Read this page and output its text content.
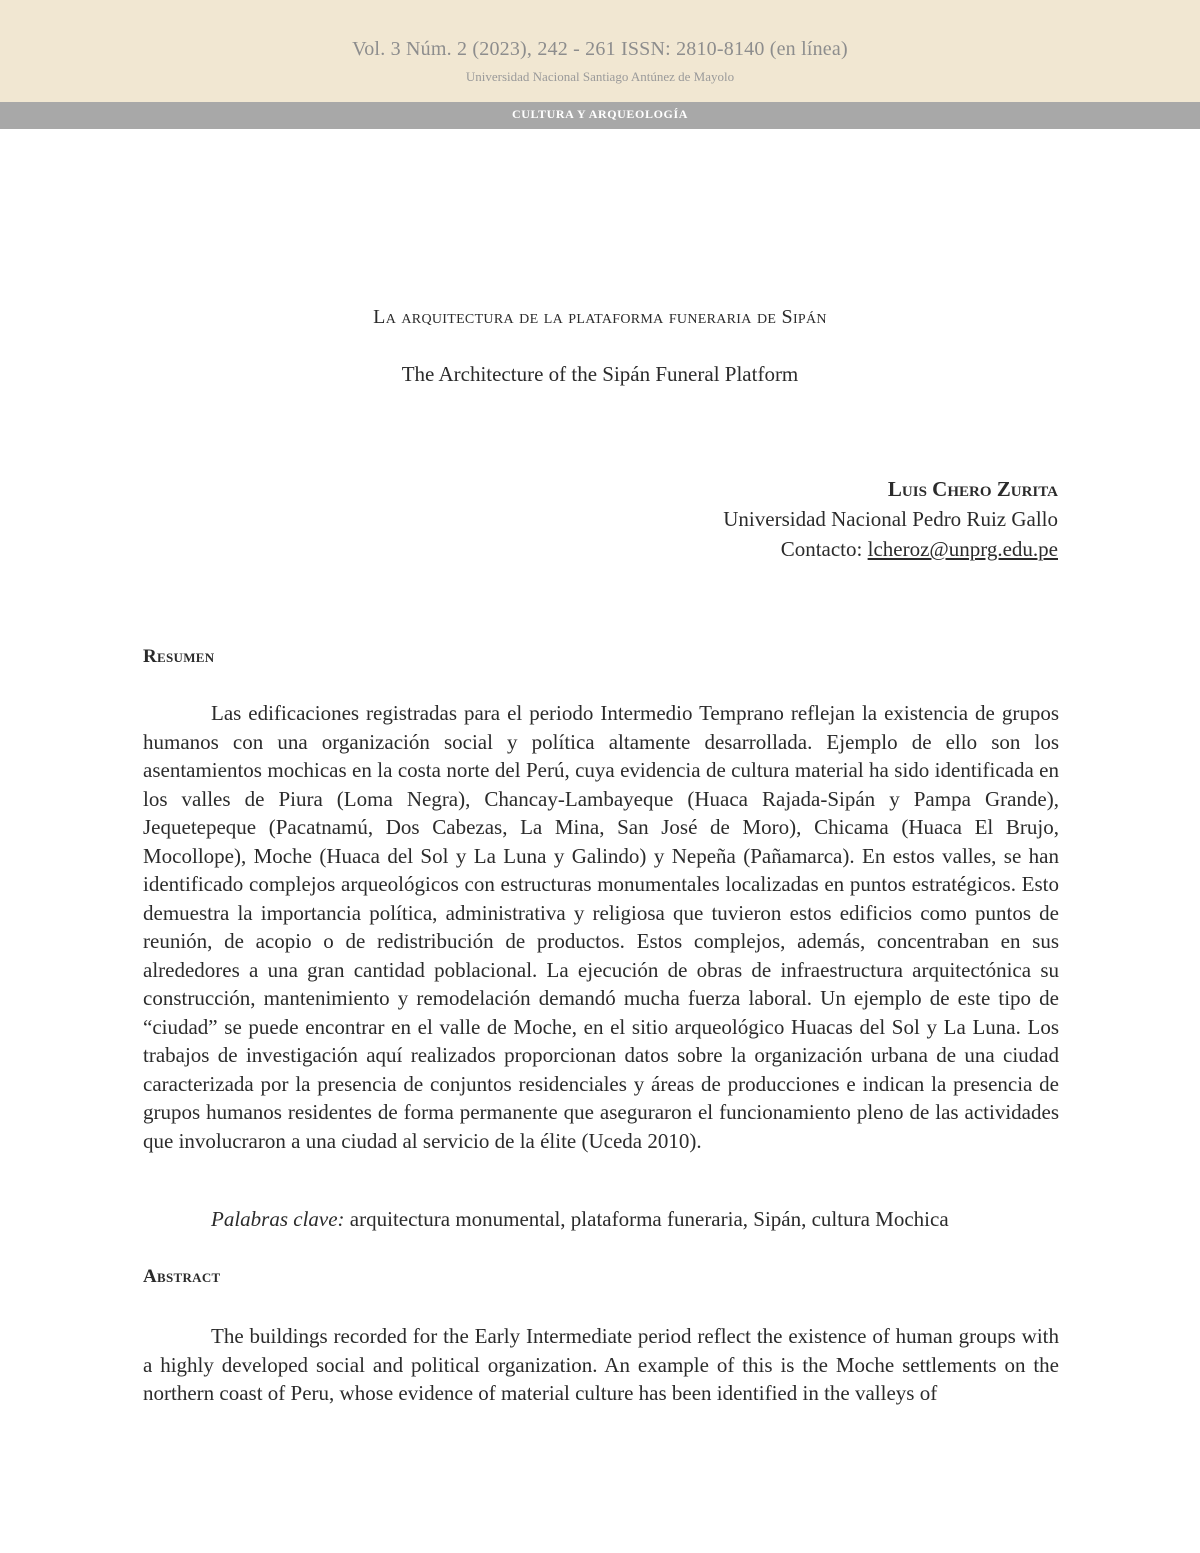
Vol. 3 Núm. 2 (2023), 242 - 261 ISSN: 2810-8140 (en línea)
Universidad Nacional Santiago Antúnez de Mayolo
CULTURA Y ARQUEOLOGÍA
La arquitectura de la plataforma funeraria de Sipán
The Architecture of the Sipán Funeral Platform
Luis Chero Zurita
Universidad Nacional Pedro Ruiz Gallo
Contacto: lcheroz@unprg.edu.pe
Resumen

Las edificaciones registradas para el periodo Intermedio Temprano reflejan la existencia de grupos humanos con una organización social y política altamente desarrollada. Ejemplo de ello son los asentamientos mochicas en la costa norte del Perú, cuya evidencia de cultura material ha sido identificada en los valles de Piura (Loma Negra), Chancay-Lambayeque (Huaca Rajada-Sipán y Pampa Grande), Jequetepeque (Pacatnamú, Dos Cabezas, La Mina, San José de Moro), Chicama (Huaca El Brujo, Mocollope), Moche (Huaca del Sol y La Luna y Galindo) y Nepeña (Pañamarca). En estos valles, se han identificado complejos arqueológicos con estructuras monumentales localizadas en puntos estratégicos. Esto demuestra la importancia política, administrativa y religiosa que tuvieron estos edificios como puntos de reunión, de acopio o de redistribución de productos. Estos complejos, además, concentraban en sus alrededores a una gran cantidad poblacional. La ejecución de obras de infraestructura arquitectónica su construcción, mantenimiento y remodelación demandó mucha fuerza laboral. Un ejemplo de este tipo de “ciudad” se puede encontrar en el valle de Moche, en el sitio arqueológico Huacas del Sol y La Luna. Los trabajos de investigación aquí realizados proporcionan datos sobre la organización urbana de una ciudad caracterizada por la presencia de conjuntos residenciales y áreas de producciones e indican la presencia de grupos humanos residentes de forma permanente que aseguraron el funcionamiento pleno de las actividades que involucraron a una ciudad al servicio de la élite (Uceda 2010).

Palabras clave: arquitectura monumental, plataforma funeraria, Sipán, cultura Mochica
Abstract

The buildings recorded for the Early Intermediate period reflect the existence of human groups with a highly developed social and political organization. An example of this is the Moche settlements on the northern coast of Peru, whose evidence of material culture has been identified in the valleys of
